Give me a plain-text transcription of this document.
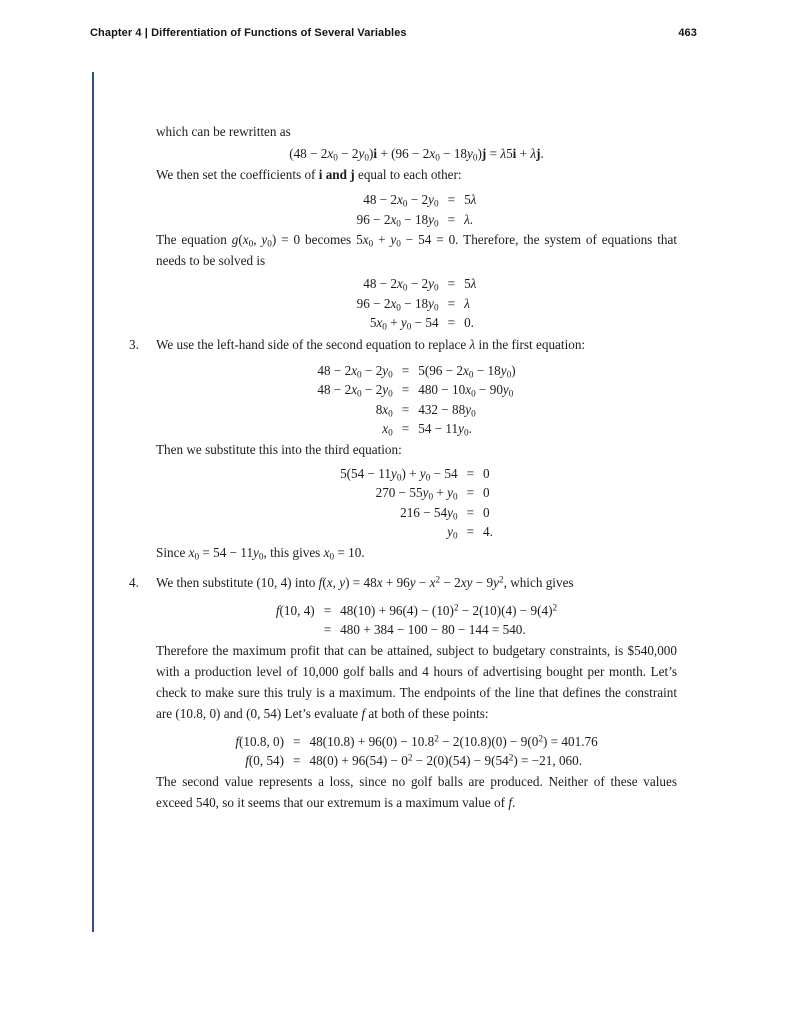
Chapter 4 | Differentiation of Functions of Several Variables	463

which can be rewritten as

$(48 - 2x_0 - 2y_0)i + (96 - 2x_0 - 18y_0)j = \lambda 5i + \lambda j$.

We then set the coefficients of i and j equal to each other:

$48 - 2x_0 - 2y_0$	=	5λ
$96 - 2x_0 - 18y_0$	=	λ.

The equation $g(x_0$, $y_0) = 0$ becomes $5x_0 + y_0 - 54 = 0$. Therefore, the system of equations that needs to be solved is

$48 - 2x_0 - 2y_0$	=	5λ
$96 - 2x_0 - 18y_0$	=	λ
$5x_0 + y_0 - 54$	=	0.
3. We use the left-hand side of the second equation to replace λ in the first equation:

$48 - 2x_0 - 2y_0$	=	$5(96 - 2x_0 - 18y_0)$
$48 - 2x_0 - 2y_0$	=	$480 - 10x_0 - 90y_0$
$8x_0$	=	$432 - 88y_0$
$x_0$	=	$54 - 11y_0$.

Then we substitute this into the third equation:

$5(54 - 11y_0) + y_0 - 54$	=	0
$270 - 55y_0 + y_0$	=	0
$216 - 54y_0$	=	0
$y_0$	=	4.

Since $x_0 = 54 - 11y_0$, this gives $x_0 = 10$.

4. We then substitute (10, 4) into f(x, $y) = 48x + 96y - x^2 - 2xy - 9y^2$, which gives

f(10, 4)	=	$48(10) + 96(4) - (10)^2 - 2(10)(4) - 9(4)^2$
	=	480 + 384 − 100 − 80 − 144 = 540.

Therefore the maximum profit that can be attained, subject to budgetary constraints, is $540,000 with a production level of 10,000 golf balls and 4 hours of advertising bought per month. Let’s check to make sure this truly is a maximum. The endpoints of the line that defines the constraint are (10.8, 0) and (0, 54) Let’s evaluate f at both of these points:

f(10.8, 0)	=	$48(10.8) + 96(0) - 10.8^2 - 2(10.8)(0) - 9(0^2) = 401.76$
f(0, 54)	=	$48(0) + 96(54) - 0^2 - 2(0)(54) - 9(54^2) = -21$, 060.

The second value represents a loss, since no golf balls are produced. Neither of these values exceed 540, so it seems that our extremum is a maximum value of f.
